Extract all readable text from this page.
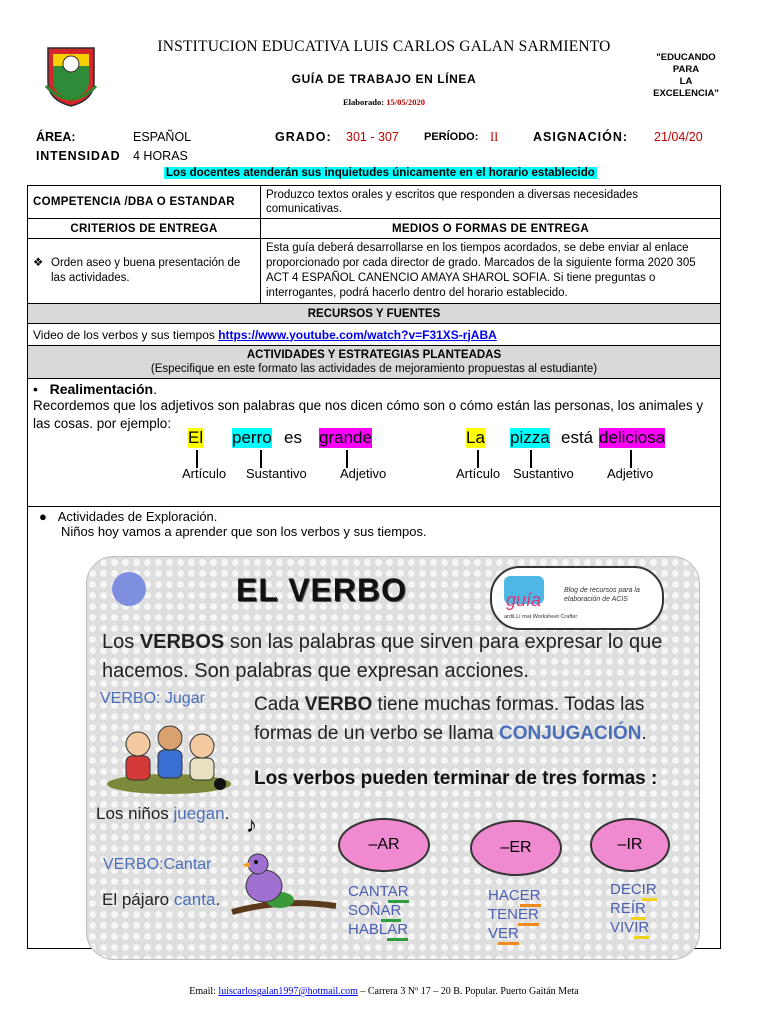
INSTITUCION EDUCATIVA LUIS CARLOS GALAN SARMIENTO
GUÍA DE TRABAJO EN LÍNEA
Elaborado: 15/05/2020
"EDUCANDO
PARA
LA
EXCELENCIA"
ÁREA:	ESPAÑOL	GRADO: 301 - 307 PERÍODO: II	ASIGNACIÓN: 21/04/20
INTENSIDAD 4 HORAS
Los docentes atenderán sus inquietudes únicamente en el horario establecido
COMPETENCIA /DBA O ESTANDAR	Produzco textos orales y escritos que responden a diversas necesidades comunicativas.
CRITERIOS DE ENTREGA	MEDIOS O FORMAS DE ENTREGA

❖ Orden aseo y buena presentación de las actividades.	Esta guía deberá desarrollarse en los tiempos acordados, se debe enviar al enlace proporcionado por cada director de grado. Marcados de la siguiente forma 2020 305 ACT 4 ESPAÑOL CANENCIO AMAYA SHAROL SOFIA. Si tiene preguntas o interrogantes, podrá hacerlo dentro del horario establecido.
RECURSOS Y FUENTES	
Video de los verbos y sus tiempos https://www.youtube.com/watch?v=F31XS-rjABA	

ACTIVIDADES Y ESTRATEGIAS PLANTEADAS
(Especifique en este formato las actividades de mejoramiento propuestas al estudiante)	

• Realimentación.
Recordemos que los adjetivos son palabras que nos dicen cómo son o cómo están las personas, los animales y las cosas. por ejemplo:	

● Actividades de Exploración.
Niños hoy vamos a aprender que son los verbos y sus tiempos.	
El perro es grande	La pizza está deliciosa
Artículo Sustantivo	Adjetivo	Artículo Sustantivo	Adjetivo
EL VERBO	guía	Blog de recursos para la elaboración de ACIS
ardiLLi mat Worksheet Crafter
Los VERBOS son las palabras que sirven para expresar lo que hacemos. Son palabras que expresan acciones.
VERBO: Jugar	Cada VERBO tiene muchas formas. Todas las formas de un verbo se llama CONJUGACIÓN.
Los verbos pueden terminar de tres formas :
Los niños juegan. ♪
VERBO:Cantar
El pájaro canta.
–AR	–ER	–IR
CANTAR
SOÑAR
HABLAR
HACER
TENER
VER
DECIR
REÍR
VIVIR
Email: luiscarlosgalan1997@hotmail.com – Carrera 3 Nº 17 – 20 B. Popular. Puerto Gaitán Meta
